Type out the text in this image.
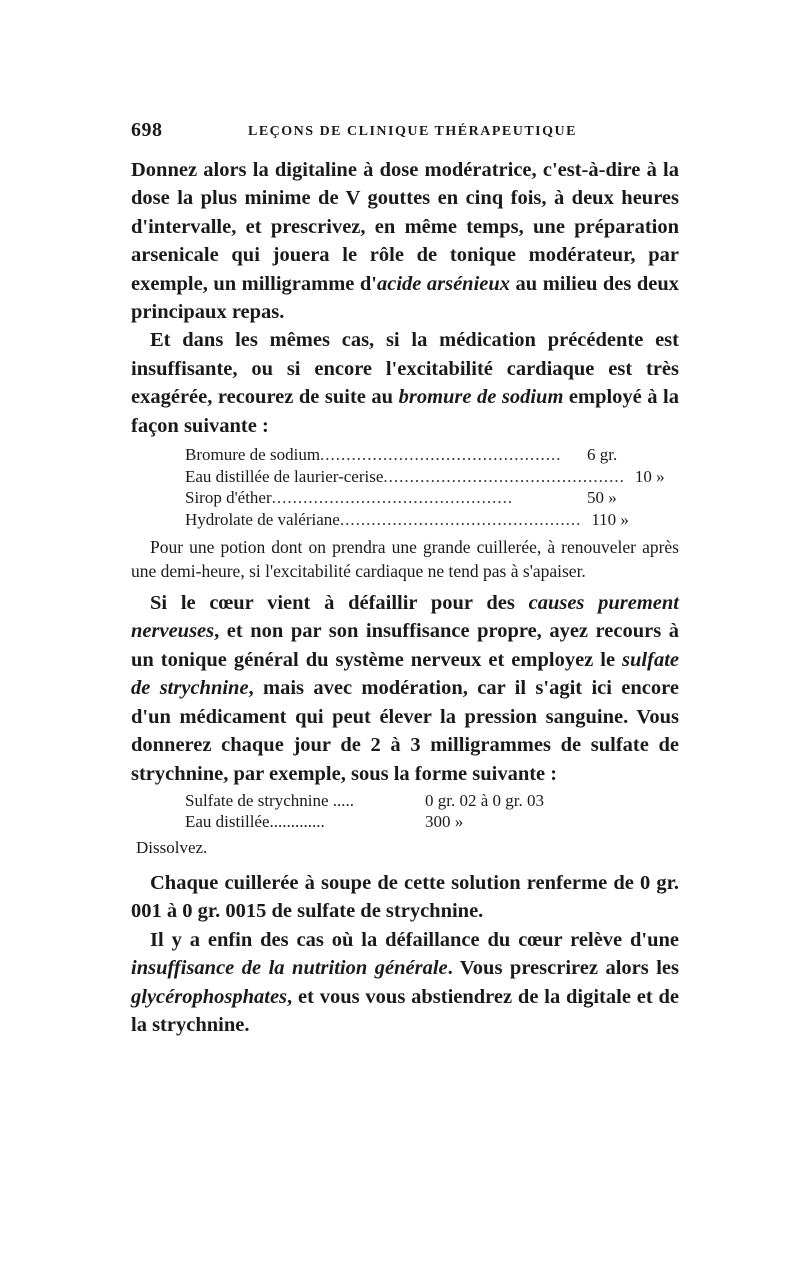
698	LEÇONS DE CLINIQUE THÉRAPEUTIQUE

Donnez alors la digitaline à dose modératrice, c'est-à-dire à la dose la plus minime de V gouttes en cinq fois, à deux heures d'intervalle, et prescrivez, en même temps, une préparation arsenicale qui jouera le rôle de tonique modérateur, par exemple, un milligramme d'acide arsénieux au milieu des deux principaux repas.

Et dans les mêmes cas, si la médication précédente est insuffisante, ou si encore l'excitabilité cardiaque est très exagérée, recourez de suite au bromure de sodium employé à la façon suivante :

Bromure de sodium ..............................................	6 gr.
Eau distillée de laurier-cerise .............................................. 10 »
Sirop d'éther ..............................................	50 »
Hydrolate de valériane .............................................. 110 »

Pour une potion dont on prendra une grande cuillerée, à renouveler après une demi-heure, si l'excitabilité cardiaque ne tend pas à s'apaiser.

Si le cœur vient à défaillir pour des causes purement nerveuses, et non par son insuffisance propre, ayez recours à un tonique général du système nerveux et employez le sulfate de strychnine, mais avec modération, car il s'agit ici encore d'un médicament qui peut élever la pression sanguine. Vous donnerez chaque jour de 2 à 3 milligrammes de sulfate de strychnine, par exemple, sous la forme suivante :

Sulfate de strychnine .....	0 gr. 02 à 0 gr. 03
Eau distillée.............	300 »
Dissolvez.

Chaque cuillerée à soupe de cette solution renferme de 0 gr. 001 à 0 gr. 0015 de sulfate de strychnine.

Il y a enfin des cas où la défaillance du cœur relève d'une insuffisance de la nutrition générale. Vous prescrirez alors les glycérophosphates, et vous vous abstiendrez de la digitale et de la strychnine.
